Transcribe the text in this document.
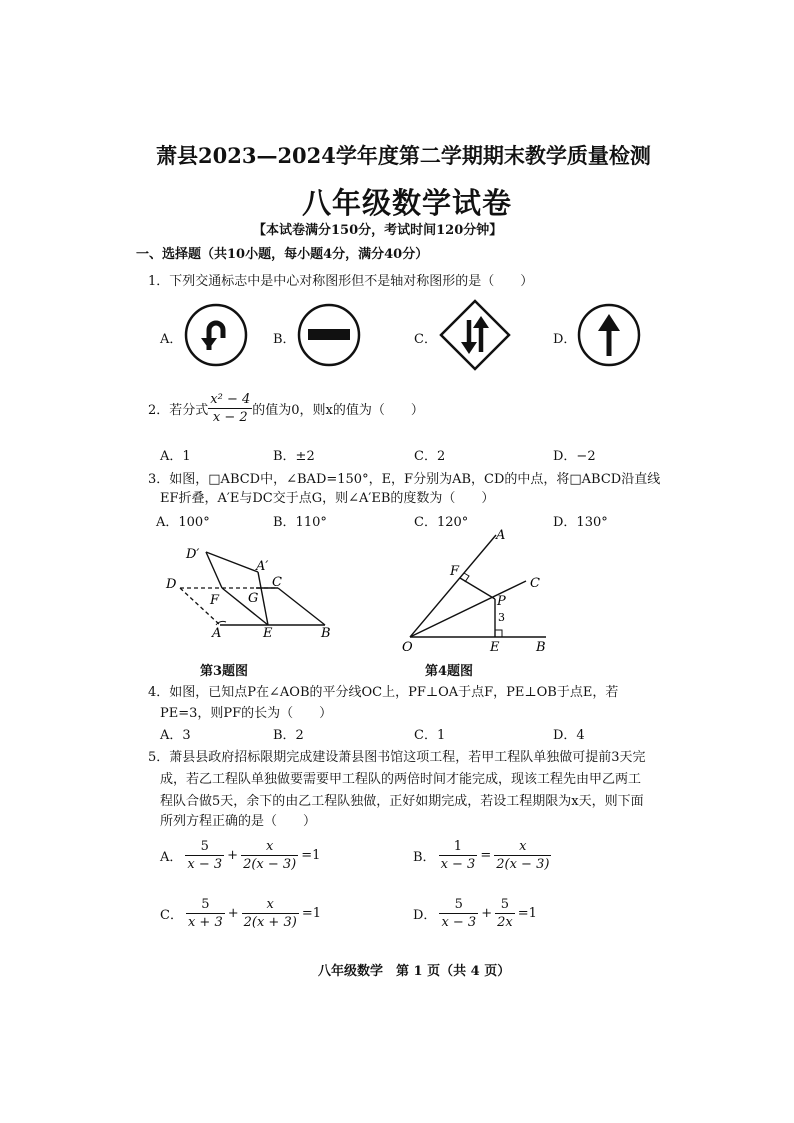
萧县2023—2024学年度第二学期期末教学质量检测
八年级数学试卷
【本试卷满分150分，考试时间120分钟】
一、选择题（共10小题，每小题4分，满分40分）
1．下列交通标志中是中心对称图形但不是轴对称图形的是（　　）
A．	B．	C．	D．
2．若分式 $\frac{\text{x² − 4}}{x - 2}$ 的值为0，则x的值为（　　）
A．1	B．±2	C．2	D．−2
3．如图，□ABCD中，∠BAD=150°，E，F分别为AB，CD的中点，将□ABCD沿直线
EF折叠，A′E与DC交于点G，则∠A′EB的度数为（　　）
A．100°	B．110°	C．120°	D．130°
D′
A′
C
D
F G
A	E	B
第3题图
A
F
C
P
3
O	E	B
第4题图
4．如图，已知点P在∠AOB的平分线OC上，PF⊥OA于点F，PE⊥OB于点E，若
PE=3，则PF的长为（　　）
A．3	B．2	C．1	D．4
5．萧县县政府招标限期完成建设萧县图书馆这项工程，若甲工程队单独做可提前3天完
成，若乙工程队单独做要需要甲工程队的两倍时间才能完成，现该工程先由甲乙两工
程队合做5天，余下的由乙工程队独做，正好如期完成，若设工程期限为x天，则下面
所列方程正确的是（　　）
A． $\frac{5}{x - 3} + \frac{x}{2(x - 3)} =1$	B． $\frac{1}{x - 3} = \frac{x}{2(x - 3)}$
C． $\frac{5}{x + 3} + \frac{x}{2(x + 3)} =1$	D． $\frac{5}{x - 3} + \frac{5}{2x} =1$
八年级数学　第 1 页（共 4 页）
